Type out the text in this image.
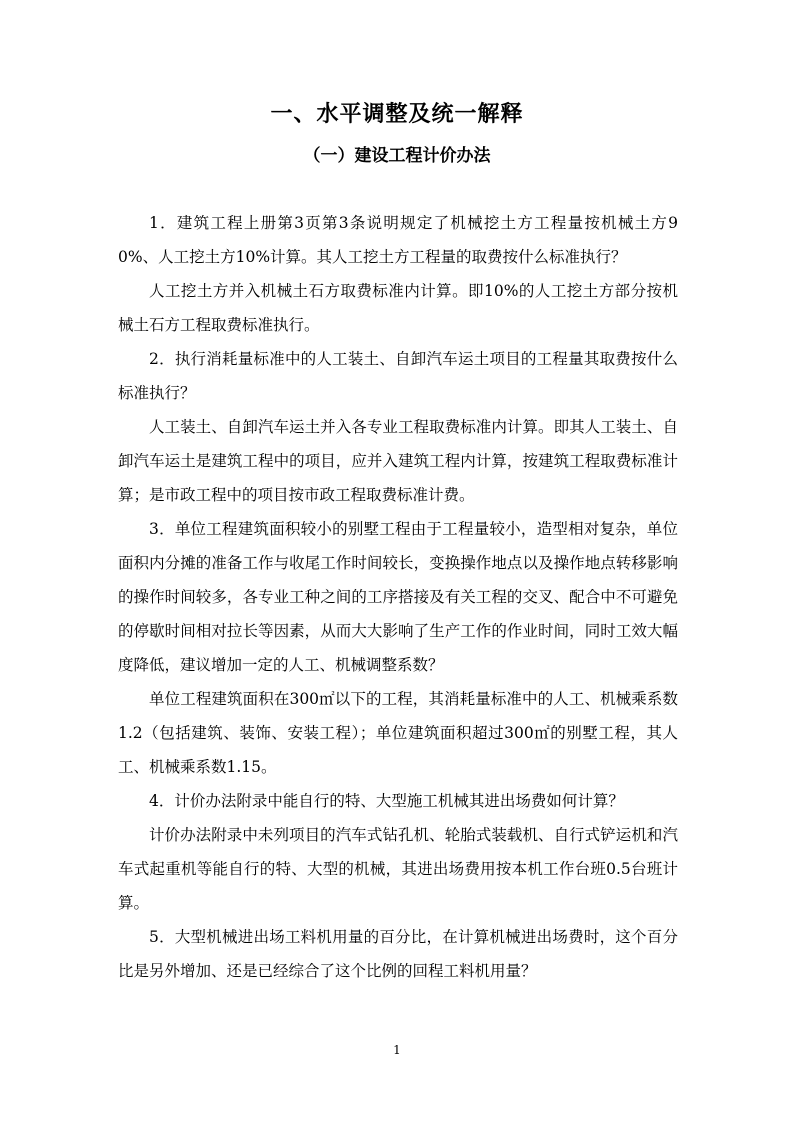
一、水平调整及统一解释
（一）建设工程计价办法

1．建筑工程上册第3页第3条说明规定了机械挖土方工程量按机械土方90%、人工挖土方10%计算。其人工挖土方工程量的取费按什么标准执行？

人工挖土方并入机械土石方取费标准内计算。即10%的人工挖土方部分按机械土石方工程取费标准执行。

2．执行消耗量标准中的人工装土、自卸汽车运土项目的工程量其取费按什么标准执行？

人工装土、自卸汽车运土并入各专业工程取费标准内计算。即其人工装土、自卸汽车运土是建筑工程中的项目，应并入建筑工程内计算，按建筑工程取费标准计算；是市政工程中的项目按市政工程取费标准计费。

3．单位工程建筑面积较小的别墅工程由于工程量较小，造型相对复杂，单位面积内分摊的准备工作与收尾工作时间较长，变换操作地点以及操作地点转移影响的操作时间较多，各专业工种之间的工序搭接及有关工程的交叉、配合中不可避免的停歇时间相对拉长等因素，从而大大影响了生产工作的作业时间，同时工效大幅度降低，建议增加一定的人工、机械调整系数？

单位工程建筑面积在300㎡以下的工程，其消耗量标准中的人工、机械乘系数1.2（包括建筑、装饰、安装工程）；单位建筑面积超过300㎡的别墅工程，其人工、机械乘系数1.15。

4．计价办法附录中能自行的特、大型施工机械其进出场费如何计算？

计价办法附录中未列项目的汽车式钻孔机、轮胎式装载机、自行式铲运机和汽车式起重机等能自行的特、大型的机械，其进出场费用按本机工作台班0.5台班计算。

5．大型机械进出场工料机用量的百分比，在计算机械进出场费时，这个百分比是另外增加、还是已经综合了这个比例的回程工料机用量？

1
